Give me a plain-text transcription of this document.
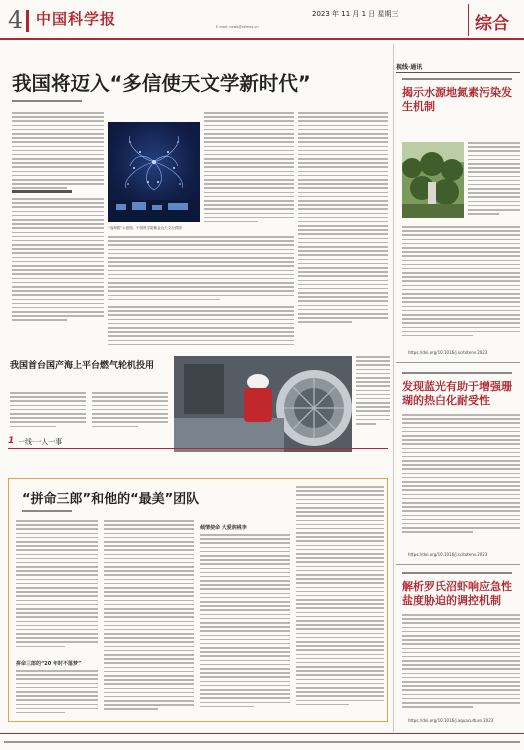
4 中国科学报	2023 年 11 月 1 日 星期三
E-mail: news@stimes.cn	综合
我国将迈入“多信使天文学新时代”
“高海拔”示意图。中国科学院紫金山天文台供图
我国首台国产海上平台燃气轮机投用
1 一线·一人一事
“拼命三郎”和他的“最美”团队
拼命三郎的“20 年时不落梦”
倾情使命 大爱润桃李
视线·通讯
揭示水源地氮素污染发生机制
https://doi.org/10.1016/j.scitotenv.2023
发现蓝光有助于增强珊瑚的热白化耐受性
https://doi.org/10.1016/j.scitotenv.2023
解析罗氏沼虾响应急性盐度胁迫的调控机制
https://doi.org/10.1016/j.aquaculture.2023
